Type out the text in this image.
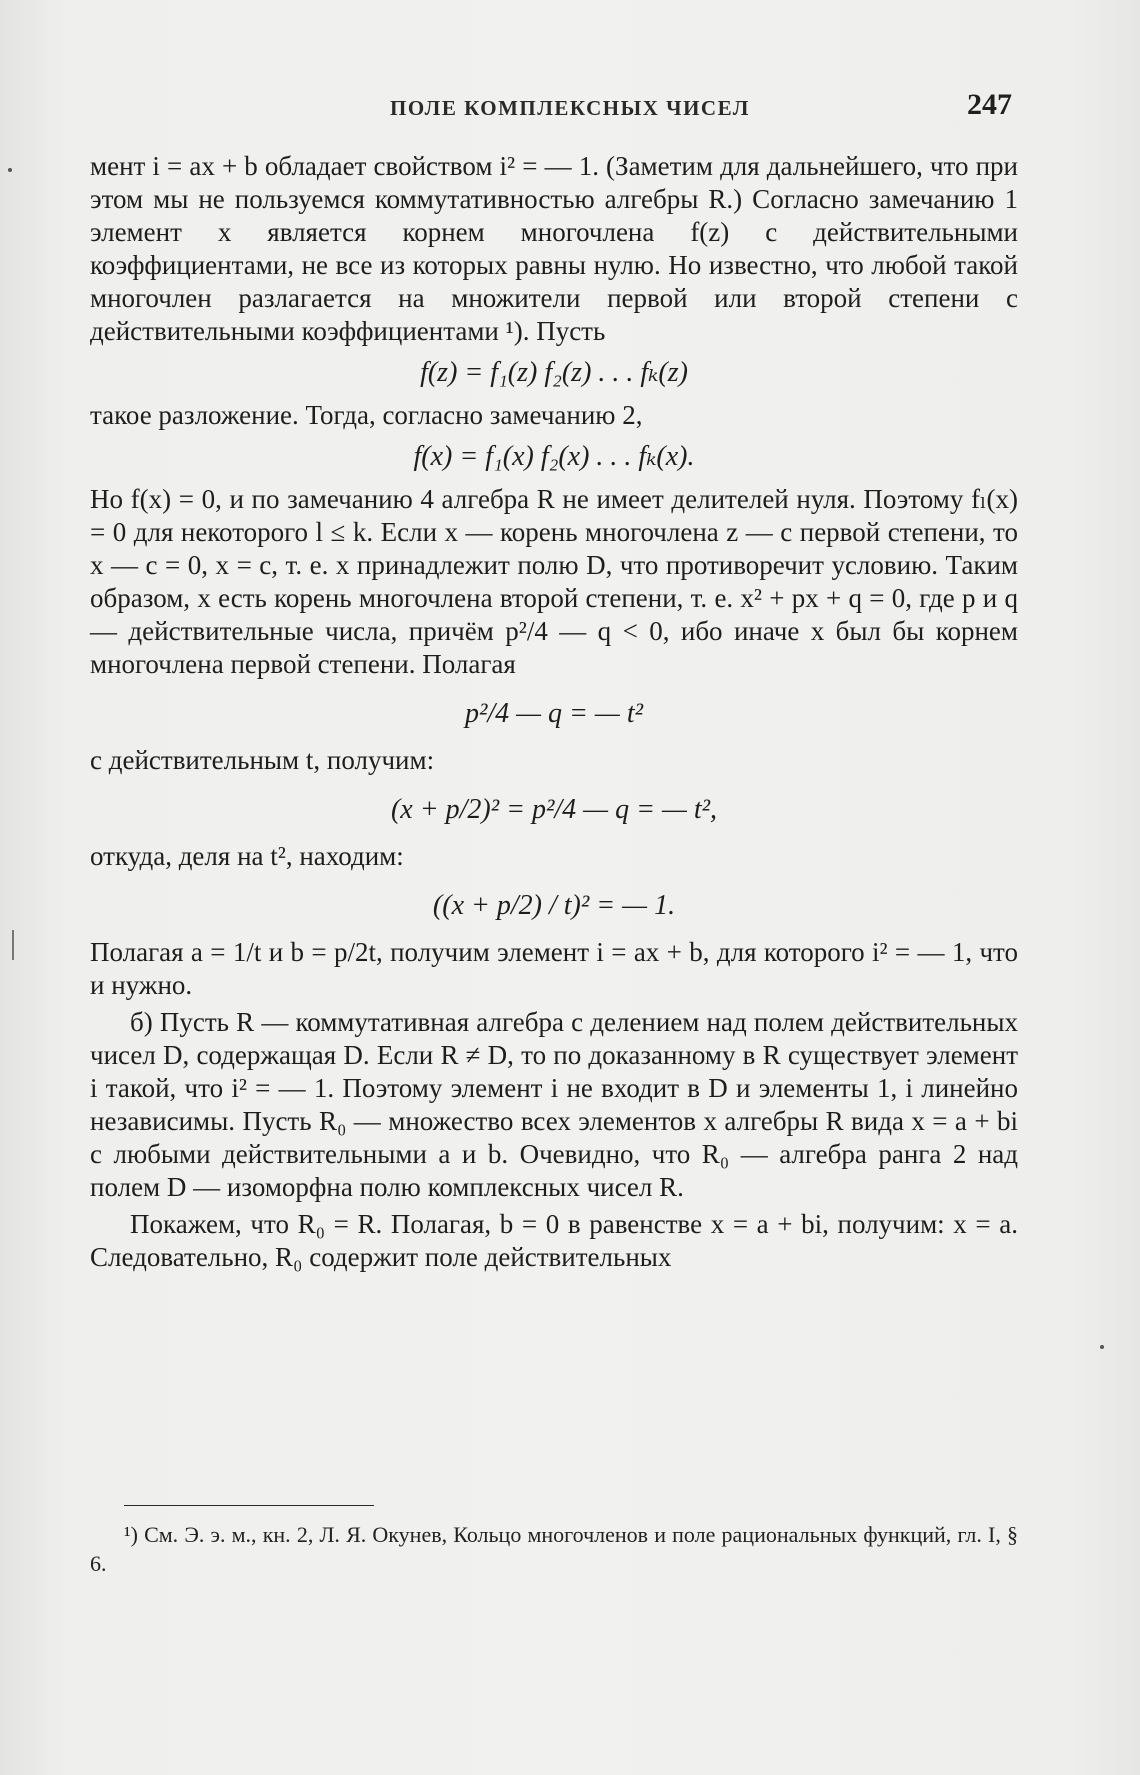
ПОЛЕ КОМПЛЕКСНЫХ ЧИСЕЛ	247

мент i = ax + b обладает свойством i² = — 1. (Заметим для дальнейшего, что при этом мы не пользуемся коммутативностью алгебры R.) Согласно замечанию 1 элемент x является корнем многочлена f(z) с действительными коэффициентами, не все из которых равны нулю. Но известно, что любой такой многочлен разлагается на множители первой или второй степени с действительными коэффициентами ¹). Пусть

f(z) = f₁(z) f₂(z) . . . fₖ(z)

такое разложение. Тогда, согласно замечанию 2,

f(x) = f₁(x) f₂(x) . . . fₖ(x).

Но f(x) = 0, и по замечанию 4 алгебра R не имеет делителей нуля. Поэтому fₗ(x) = 0 для некоторого l ≤ k. Если x — корень многочлена z — c первой степени, то x — c = 0, x = c, т. е. x принадлежит полю D, что противоречит условию. Таким образом, x есть корень многочлена второй степени, т. е. x² + px + q = 0, где p и q — действительные числа, причём p²/4 — q < 0, ибо иначе x был бы корнем многочлена первой степени. Полагая

p²/4 — q = — t²

с действительным t, получим:

(x + p/2)² = p²/4 — q = — t²,

откуда, деля на t², находим:

((x + p/2) / t)² = — 1.

Полагая a = 1/t и b = p/2t, получим элемент i = ax + b, для которого i² = — 1, что и нужно.

б) Пусть R — коммутативная алгебра с делением над полем действительных чисел D, содержащая D. Если R ≠ D, то по доказанному в R существует элемент i такой, что i² = — 1. Поэтому элемент i не входит в D и элементы 1, i линейно независимы. Пусть R₀ — множество всех элементов x алгебры R вида x = a + bi с любыми действительными a и b. Очевидно, что R₀ — алгебра ранга 2 над полем D — изоморфна полю комплексных чисел R.

Покажем, что R₀ = R. Полагая, b = 0 в равенстве x = a + bi, получим: x = a. Следовательно, R₀ содержит поле действительных

¹) См. Э. э. м., кн. 2, Л. Я. Окунев, Кольцо многочленов и поле рациональных функций, гл. I, § 6.
